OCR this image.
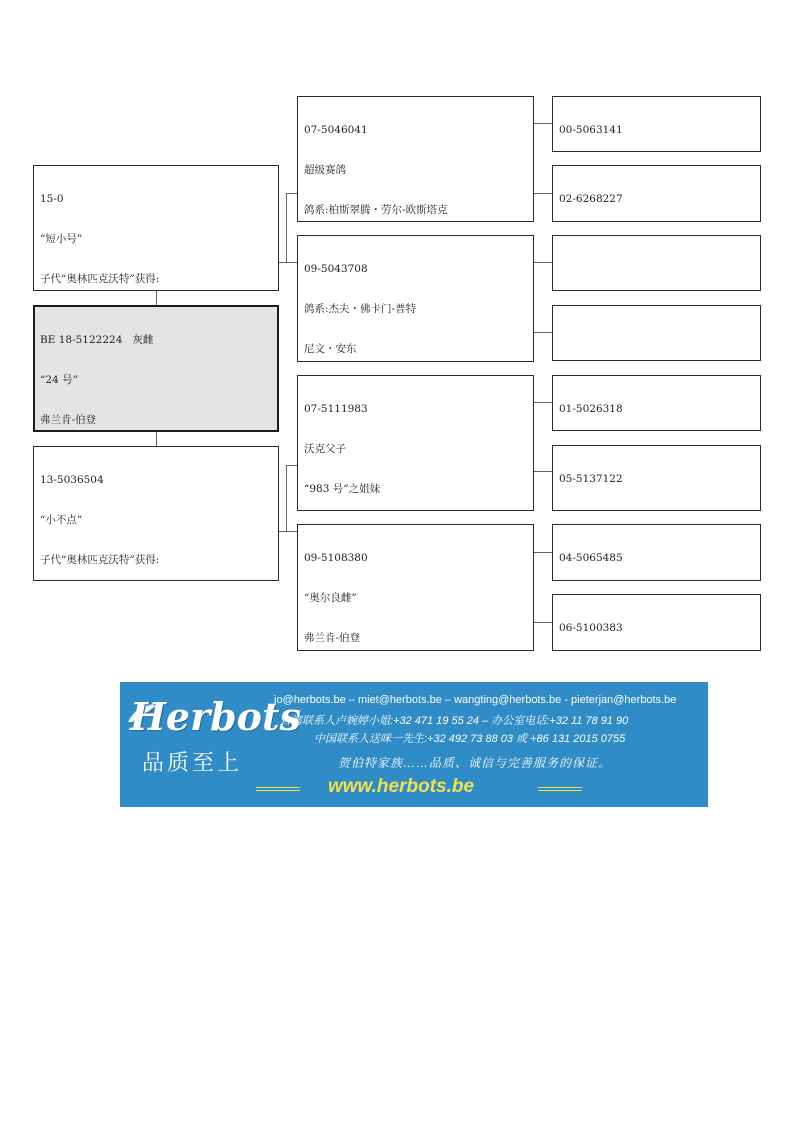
15-0

“短小号”

子代“奥林匹克沃特”获得:

BE 18-5122224   灰雌

“24 号”

弗兰肯-伯登

13-5036504

“小不点”

子代“奥林匹克沃特”获得:

07-5046041

超级赛鸽

鸽系:柏斯翠腾・劳尔-欧斯塔克

09-5043708

鸽系:杰夫・佛卡门-普特

尼文・安东

07-5111983

沃克父子

“983 号”之姐妹

09-5108380

“奥尔良雌”

弗兰肯-伯登

00-5063141

02-6268227

01-5026318

05-5137122

04-5065485

06-5100383

Herbots
品质至上
jo@herbots.be – miet@herbots.be – wangting@herbots.be - pieterjan@herbots.be
台湾联系人卢婉婷小姐:+32 471 19 55 24 – 办公室电话:+32 11 78 91 90
中国联系人送咪一先生:+32 492 73 88 03 或 +86 131 2015 0755
贺伯特家族……品质、诚信与完善服务的保证。
www.herbots.be
